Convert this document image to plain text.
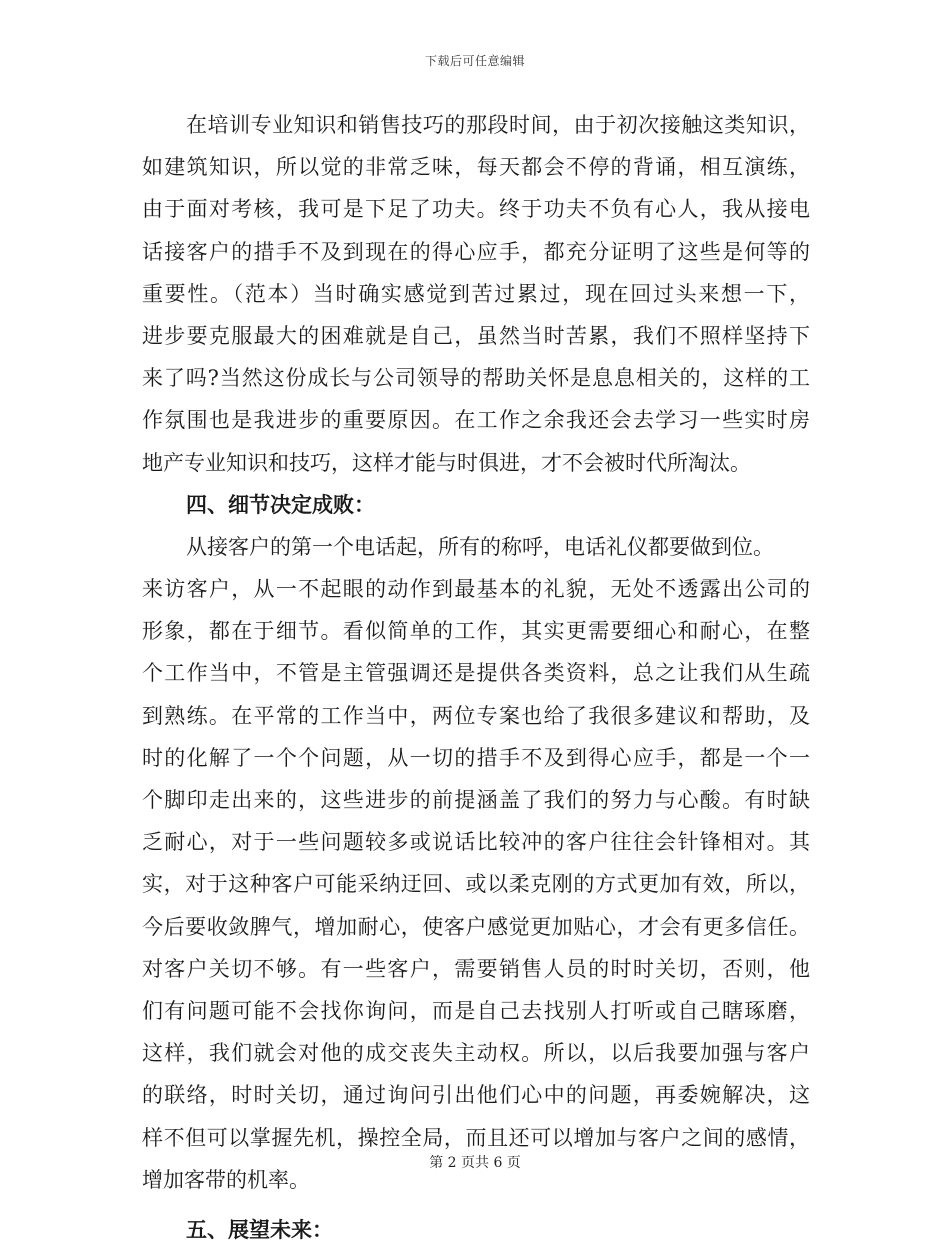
下载后可任意编辑
在培训专业知识和销售技巧的那段时间，由于初次接触这类知识，
如建筑知识，所以觉的非常乏味，每天都会不停的背诵，相互演练，
由于面对考核，我可是下足了功夫。终于功夫不负有心人，我从接电
话接客户的措手不及到现在的得心应手，都充分证明了这些是何等的
重要性。（范本）当时确实感觉到苦过累过，现在回过头来想一下，
进步要克服最大的困难就是自己，虽然当时苦累，我们不照样坚持下
来了吗?当然这份成长与公司领导的帮助关怀是息息相关的，这样的工
作氛围也是我进步的重要原因。在工作之余我还会去学习一些实时房
地产专业知识和技巧，这样才能与时俱进，才不会被时代所淘汰。
四、细节决定成败：
从接客户的第一个电话起，所有的称呼，电话礼仪都要做到位。
来访客户，从一不起眼的动作到最基本的礼貌，无处不透露出公司的
形象，都在于细节。看似简单的工作，其实更需要细心和耐心，在整
个工作当中，不管是主管强调还是提供各类资料，总之让我们从生疏
到熟练。在平常的工作当中，两位专案也给了我很多建议和帮助，及
时的化解了一个个问题，从一切的措手不及到得心应手，都是一个一
个脚印走出来的，这些进步的前提涵盖了我们的努力与心酸。有时缺
乏耐心，对于一些问题较多或说话比较冲的客户往往会针锋相对。其
实，对于这种客户可能采纳迂回、或以柔克刚的方式更加有效，所以，
今后要收敛脾气，增加耐心，使客户感觉更加贴心，才会有更多信任。
对客户关切不够。有一些客户，需要销售人员的时时关切，否则，他
们有问题可能不会找你询问，而是自己去找别人打听或自己瞎琢磨，
这样，我们就会对他的成交丧失主动权。所以，以后我要加强与客户
的联络，时时关切，通过询问引出他们心中的问题，再委婉解决，这
样不但可以掌握先机，操控全局，而且还可以增加与客户之间的感情，
增加客带的机率。
五、展望未来：
第 2 页共 6 页
